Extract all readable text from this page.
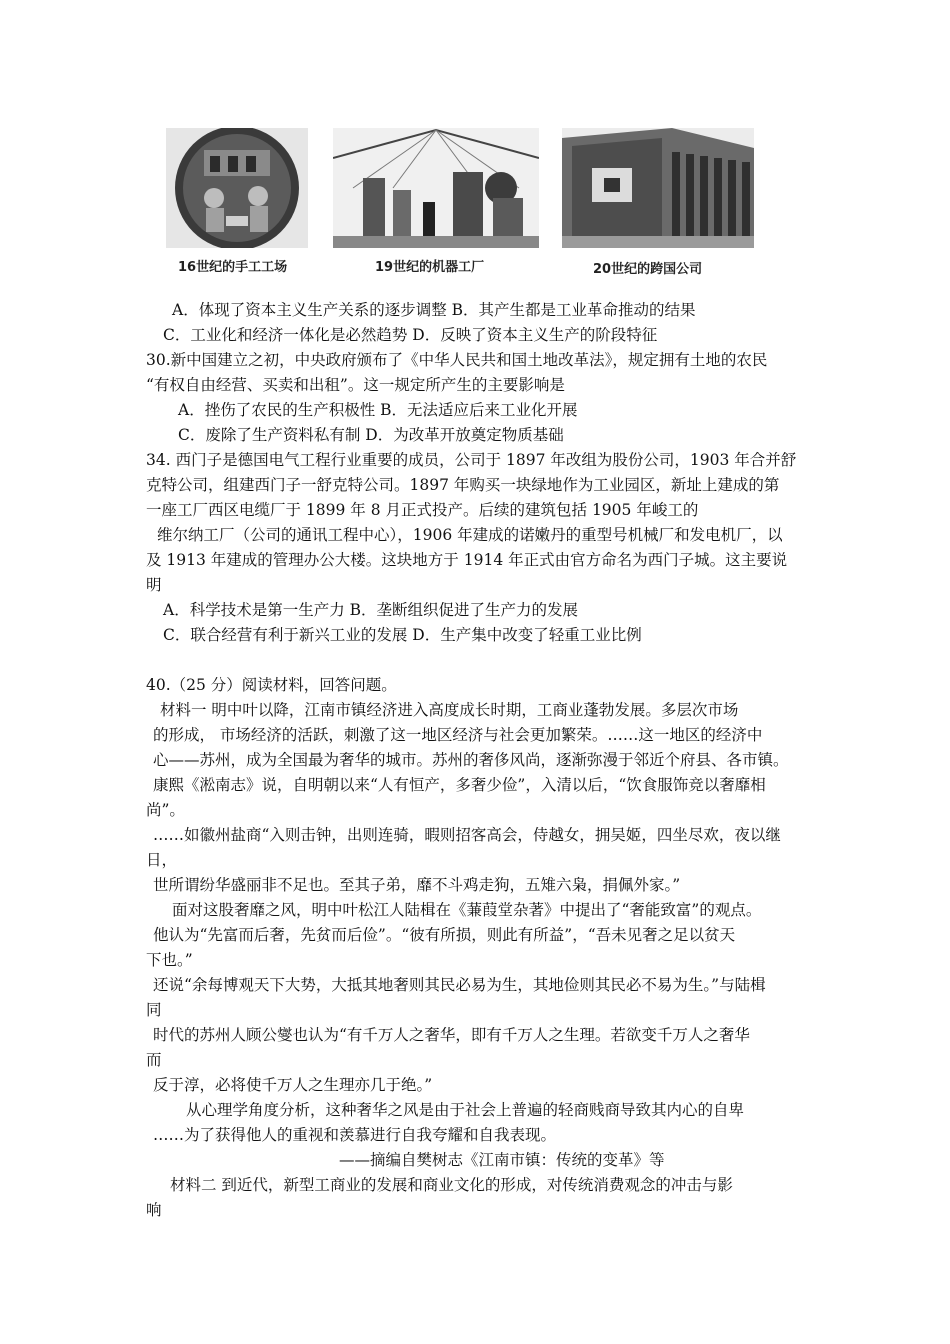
16世纪的手工工场	19世纪的机器工厂	20世纪的跨国公司
A．体现了资本主义生产关系的逐步调整 B．其产生都是工业革命推动的结果
C．工业化和经济一体化是必然趋势 D．反映了资本主义生产的阶段特征
30.新中国建立之初，中央政府颁布了《中华人民共和国土地改革法》，规定拥有土地的农民
“有权自由经营、买卖和出租”。这一规定所产生的主要影响是
A．挫伤了农民的生产积极性 B．无法适应后来工业化开展
C．废除了生产资料私有制 D．为改革开放奠定物质基础
34. 西门子是德国电气工程行业重要的成员，公司于 1897 年改组为股份公司，1903 年合并舒
克特公司，组建西门子一舒克特公司。1897 年购买一块绿地作为工业园区，新址上建成的第
一座工厂西区电缆厂于 1899 年 8 月正式投产。后续的建筑包括 1905 年峻工的
维尔纳工厂（公司的通讯工程中心），1906 年建成的诺嫩丹的重型号机械厂和发电机厂，以
及 1913 年建成的管理办公大楼。这块地方于 1914 年正式由官方命名为西门子城。这主要说
明
A．科学技术是第一生产力 B．垄断组织促进了生产力的发展
C．联合经营有利于新兴工业的发展 D．生产集中改变了轻重工业比例
40.（25 分）阅读材料，回答问题。
材料一 明中叶以降，江南市镇经济进入高度成长时期，工商业蓬勃发展。多层次市场
的形成， 市场经济的活跃，刺激了这一地区经济与社会更加繁荣。……这一地区的经济中
心——苏州，成为全国最为奢华的城市。苏州的奢侈风尚，逐渐弥漫于邻近个府县、各市镇。
康熙《淞南志》说，自明朝以来“人有恒产，多奢少俭”，入清以后，“饮食服饰竞以奢靡相
尚”。
……如徽州盐商“入则击钟，出则连骑，暇则招客高会，侍越女，拥吴姬，四坐尽欢，夜以继
日，
世所谓纷华盛丽非不足也。至其子弟，靡不斗鸡走狗，五雉六枭，捐佩外家。”
面对这股奢靡之风，明中叶松江人陆楫在《蒹葭堂杂著》中提出了“奢能致富”的观点。
他认为“先富而后奢，先贫而后俭”。“彼有所损，则此有所益”，“吾未见奢之足以贫天
下也。”
还说“余每博观天下大势，大抵其地奢则其民必易为生，其地俭则其民必不易为生。”与陆楫
同
时代的苏州人顾公燮也认为“有千万人之奢华，即有千万人之生理。若欲变千万人之奢华
而
反于淳，必将使千万人之生理亦几于绝。”
从心理学角度分析，这种奢华之风是由于社会上普遍的轻商贱商导致其内心的自卑
……为了获得他人的重视和羡慕进行自我夸耀和自我表现。
——摘编自樊树志《江南市镇：传统的变革》等
材料二 到近代，新型工商业的发展和商业文化的形成，对传统消费观念的冲击与影
响
